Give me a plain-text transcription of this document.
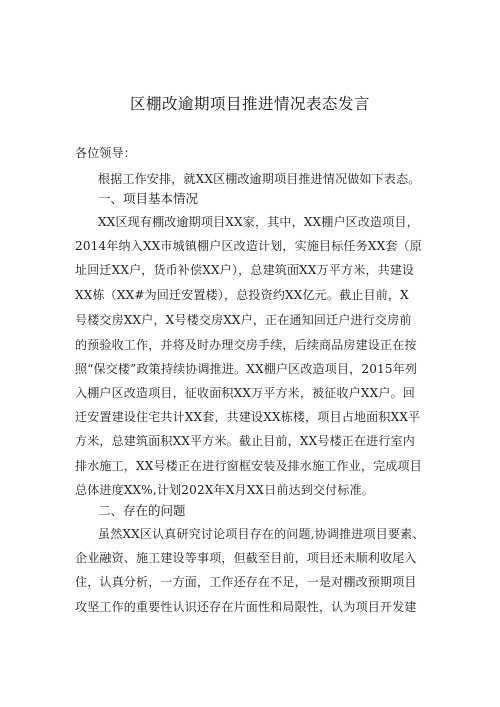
区棚改逾期项目推进情况表态发言
各位领导：
根据工作安排，就XX区棚改逾期项目推进情况做如下表态。
一、项目基本情况
XX区现有棚改逾期项目XX家，其中，XX棚户区改造项目，
2014年纳入XX市城镇棚户区改造计划，实施目标任务XX套（原
址回迁XX户，货币补偿XX户），总建筑面XX万平方米，共建设
XX栋（XX#为回迁安置楼），总投资约XX亿元。截止目前，X
号楼交房XX户，X号楼交房XX户，正在通知回迁户进行交房前
的预验收工作，并将及时办理交房手续，后续商品房建设正在按
照“保交楼”政策持续协调推进。XX棚户区改造项目，2015年列
入棚户区改造项目，征收面积XX万平方米，被征收户XX户。回
迁安置建设住宅共计XX套，共建设XX栋楼，项目占地面积XX平
方米，总建筑面积XX平方米。截止目前，XX号楼正在进行室内
排水施工，XX号楼正在进行窗框安装及排水施工作业，完成项目
总体进度XX%,计划202X年X月XX日前达到交付标准。
二、存在的问题
虽然XX区认真研究讨论项目存在的问题,协调推进项目要素、
企业融资、施工建设等事项，但截至目前，项目还未顺利收尾入
住，认真分析，一方面，工作还存在不足，一是对棚改预期项目
攻坚工作的重要性认识还存在片面性和局限性，认为项目开发建
